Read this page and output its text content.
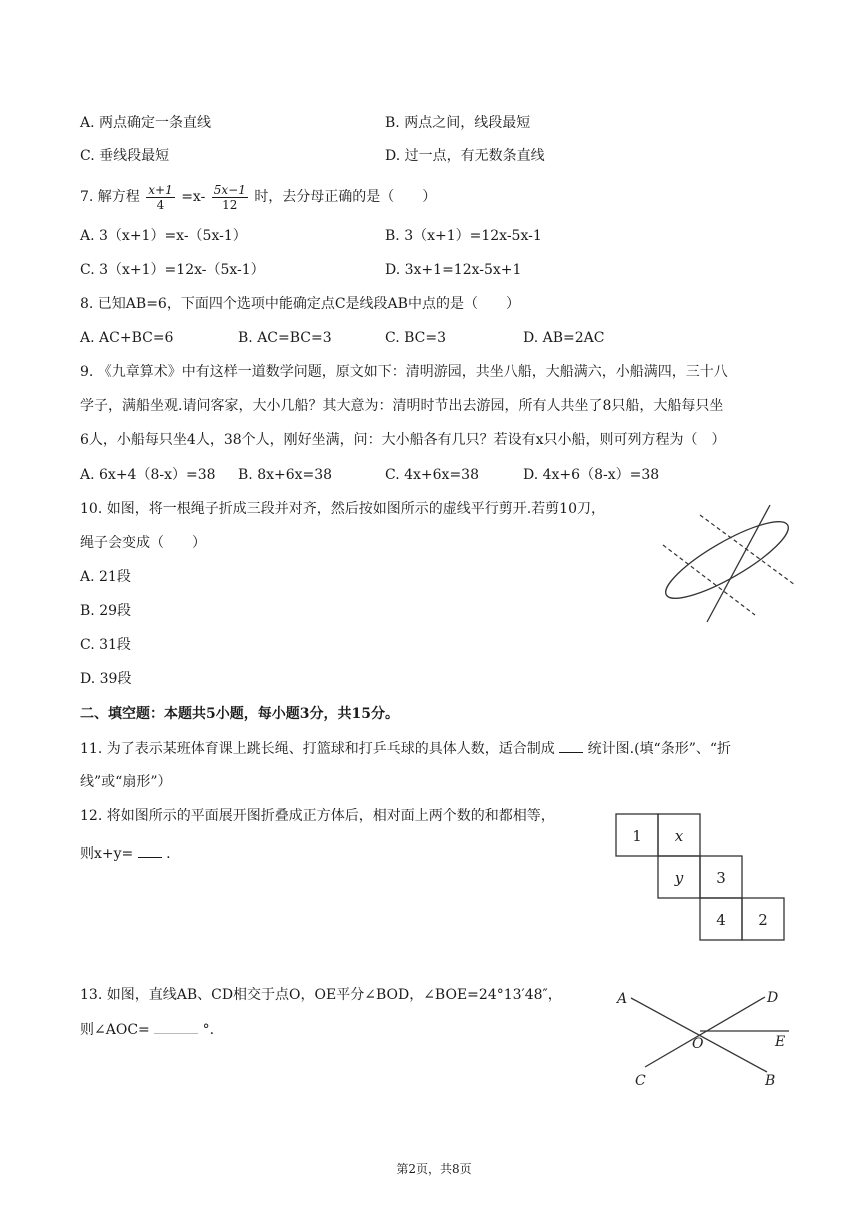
A. 两点确定一条直线	B. 两点之间，线段最短
C. 垂线段最短	D. 过一点，有无数条直线
7. 解方程 $\frac{x+1}{4} =x- \frac{5x-1}{12}$ 时，去分母正确的是（　　）
A. 3（x+1）=x-（5x-1）	B. 3（x+1）=12x-5x-1
C. 3（x+1）=12x-（5x-1）	D. 3x+1=12x-5x+1
8. 已知AB=6，下面四个选项中能确定点C是线段AB中点的是（　　）
A. AC+BC=6	B. AC=BC=3	C. BC=3	D. AB=2AC
9. 《九章算术》中有这样一道数学问题，原文如下：清明游园，共坐八船，大船满六，小船满四，三十八
学子，满船坐观.请问客家，大小几船？其大意为：清明时节出去游园，所有人共坐了8只船，大船每只坐
6人，小船每只坐4人，38个人，刚好坐满，问：大小船各有几只？若设有x只小船，则可列方程为（　）
A. 6x+4（8-x）=38 B. 8x+6x=38	C. 4x+6x=38	D. 4x+6（8-x）=38
10. 如图，将一根绳子折成三段并对齐，然后按如图所示的虚线平行剪开.若剪10刀，
绳子会变成（　　）
A. 21段
B. 29段
C. 31段
D. 39段
二、填空题：本题共5小题，每小题3分，共15分。
11. 为了表示某班体育课上跳长绳、打篮球和打乒乓球的具体人数，适合制成 统计图.(填“条形”、“折
线”或“扇形”）
12. 将如图所示的平面展开图折叠成正方体后，相对面上两个数的和都相等，
则x+y= .
1 x
y 3
4 2
13. 如图，直线AB、CD相交于点O，OE平分∠BOD，∠BOE=24°13′48″，
则∠AOC=	°.
A	D
O	E
C	B
第2页，共8页
